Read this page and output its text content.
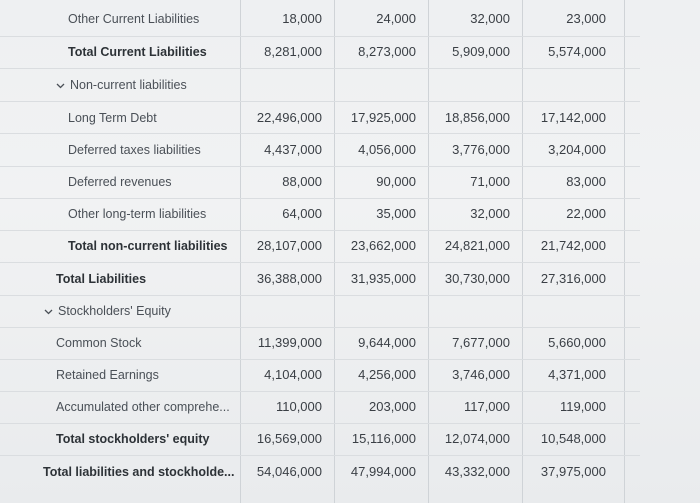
Other Current Liabilities	18,000	24,000	32,000	23,000
Total Current Liabilities	8,281,000	8,273,000	5,909,000	5,574,000
Non-current liabilities
Long Term Debt	22,496,000	17,925,000	18,856,000	17,142,000
Deferred taxes liabilities	4,437,000	4,056,000	3,776,000	3,204,000
Deferred revenues	88,000	90,000	71,000	83,000
Other long-term liabilities	64,000	35,000	32,000	22,000
Total non-current liabilities	28,107,000	23,662,000	24,821,000	21,742,000
Total Liabilities	36,388,000	31,935,000	30,730,000	27,316,000
Stockholders' Equity
Common Stock	11,399,000	9,644,000	7,677,000	5,660,000
Retained Earnings	4,104,000	4,256,000	3,746,000	4,371,000
Accumulated other comprehe...	110,000	203,000	117,000	119,000
Total stockholders' equity	16,569,000	15,116,000	12,074,000	10,548,000
Total liabilities and stockholde...	54,046,000	47,994,000	43,332,000	37,975,000
